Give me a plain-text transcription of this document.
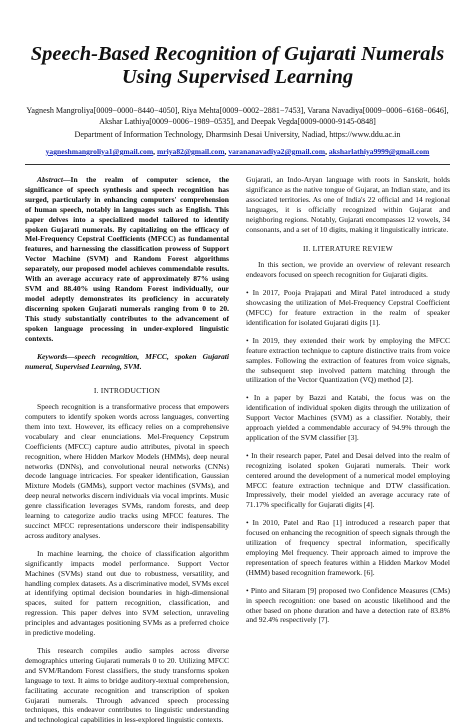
Speech-Based Recognition of Gujarati Numerals
Using Supervised Learning
Yagnesh Mangroliya[0009−0000−8440−4050], Riya Mehta[0009−0002−2881−7453], Varana Navadiya[0009−0006−6168−0646],
Akshar Lathiya[0009−0006−1989−0535], and Deepak Vegda[0009-0000-9145-0848]
Department of Information Technology, Dharmsinh Desai University, Nadiad, https://www.ddu.ac.in
yagneshmangroliya1@gmail.com, mriya82@gmail.com, varananavadiya2@gmail.com, aksharlathiya9999@gmail.com

Abstract—In the realm of computer science, the significance of speech synthesis and speech recognition has surged, particularly in enhancing computers' comprehension of human speech, notably in languages such as English. This paper delves into a specialized model tailored to identify spoken Gujarati numerals. By capitalizing on the efficacy of Mel-Frequency Cepstral Coefficients (MFCC) as fundamental features, and harnessing the classification prowess of Support Vector Machine (SVM) and Random Forest algorithms separately, our proposed model achieves commendable results. With an average accuracy rate of approximately 87% using SVM and 88.40% using Random Forest individually, our model adeptly demonstrates its proficiency in accurately discerning spoken Gujarati numerals ranging from 0 to 20. This study substantially contributes to the advancement of spoken language processing in under-explored linguistic contexts.

Keywords—speech recognition, MFCC, spoken Gujarati numeral, Supervised Learning, SVM.

I. INTRODUCTION

Speech recognition is a transformative process that empowers computers to identify spoken words across languages, converting them into text. However, its efficacy relies on a comprehensive vocabulary and clear enunciations. Mel-Frequency Cepstrum Coefficients (MFCC) capture audio attributes, pivotal in speech recognition, where Hidden Markov Models (HMMs), deep neural networks (DNNs), and convolutional neural networks (CNNs) decode language intricacies. For speaker identification, Gaussian Mixture Models (GMMs), support vector machines (SVMs), and deep neural networks discern individuals via vocal imprints. Music genre classification leverages SVMs, random forests, and deep learning to categorize audio tracks using MFCC features. The succinct MFCC representations underscore their indispensability across auditory analyses.

In machine learning, the choice of classification algorithm significantly impacts model performance. Support Vector Machines (SVMs) stand out due to robustness, versatility, and handling complex datasets. As a discriminative model, SVMs excel at identifying optimal decision boundaries in high-dimensional spaces, suited for pattern recognition, classification, and regression. This paper delves into SVM selection, unraveling principles and advantages positioning SVMs as a preferred choice in predictive modeling.

This research compiles audio samples across diverse demographics uttering Gujarati numerals 0 to 20. Utilizing MFCC and SVM/Random Forest classifiers, the study transforms spoken language to text. It aims to bridge auditory-textual comprehension, facilitating accurate recognition and transcription of spoken Gujarati numerals. Through advanced speech processing techniques, this endeavor contributes to linguistic understanding and technological capabilities in less-explored linguistic contexts.

Gujarati, an Indo-Aryan language with roots in Sanskrit, holds significance as the native tongue of Gujarat, an Indian state, and its associated territories. As one of India's 22 official and 14 regional languages, it is officially recognized within Gujarat and neighboring regions. Notably, Gujarati encompasses 12 vowels, 34 consonants, and a set of 10 digits, making it linguistically intricate.

II. LITERATURE REVIEW

In this section, we provide an overview of relevant research endeavors focused on speech recognition for Gujarati digits.

• In 2017, Pooja Prajapati and Miral Patel introduced a study showcasing the utilization of Mel-Frequency Cepstral Coefficient (MFCC) for feature extraction in the realm of speaker identification for isolated Gujarati digits [1].

• In 2019, they extended their work by employing the MFCC feature extraction technique to capture distinctive traits from voice samples. Following the extraction of features from voice signals, the subsequent step involved pattern matching through the utilization of the Vector Quantization (VQ) method [2].

• In a paper by Bazzi and Katabi, the focus was on the identification of individual spoken digits through the utilization of Support Vector Machines (SVM) as a classifier. Notably, their approach yielded a commendable accuracy of 94.9% through the application of the SVM classifier [3].

• In their research paper, Patel and Desai delved into the realm of recognizing isolated spoken Gujarati numerals. Their work centered around the development of a numerical model employing MFCC feature extraction technique and DTW classification. Impressively, their model yielded an average accuracy rate of 71.17% specifically for Gujarati digits [4].

• In 2010, Patel and Rao [1] introduced a research paper that focused on enhancing the recognition of speech signals through the utilization of frequency spectral information, specifically employing Mel frequency. Their approach aimed to improve the representation of speech features within a Hidden Markov Model (HMM) based recognition framework. [6].

• Pinto and Sitaram [9] proposed two Confidence Measures (CMs) in speech recognition: one based on acoustic likelihood and the other based on phone duration and have a detection rate of 83.8% and 92.4% respectively [7].
